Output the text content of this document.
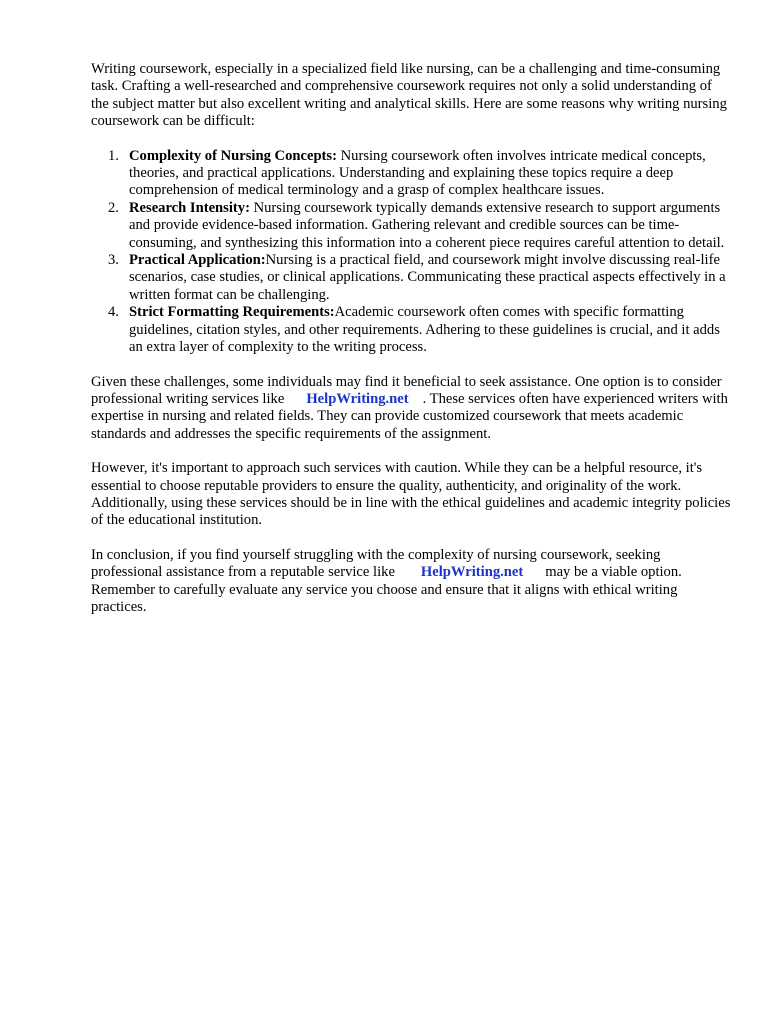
Writing coursework, especially in a specialized field like nursing, can be a challenging and time-consuming task. Crafting a well-researched and comprehensive coursework requires not only a solid understanding of the subject matter but also excellent writing and analytical skills. Here are some reasons why writing nursing coursework can be difficult:

1. Complexity of Nursing Concepts: Nursing coursework often involves intricate medical concepts, theories, and practical applications. Understanding and explaining these topics require a deep comprehension of medical terminology and a grasp of complex healthcare issues.
2. Research Intensity: Nursing coursework typically demands extensive research to support arguments and provide evidence-based information. Gathering relevant and credible sources can be time-consuming, and synthesizing this information into a coherent piece requires careful attention to detail.
3. Practical Application:Nursing is a practical field, and coursework might involve discussing real-life scenarios, case studies, or clinical applications. Communicating these practical aspects effectively in a written format can be challenging.
4. Strict Formatting Requirements:Academic coursework often comes with specific formatting guidelines, citation styles, and other requirements. Adhering to these guidelines is crucial, and it adds an extra layer of complexity to the writing process.

Given these challenges, some individuals may find it beneficial to seek assistance. One option is to consider professional writing services like HelpWriting.net . These services often have experienced writers with expertise in nursing and related fields. They can provide customized coursework that meets academic standards and addresses the specific requirements of the assignment.

However, it's important to approach such services with caution. While they can be a helpful resource, it's essential to choose reputable providers to ensure the quality, authenticity, and originality of the work. Additionally, using these services should be in line with the ethical guidelines and academic integrity policies of the educational institution.

In conclusion, if you find yourself struggling with the complexity of nursing coursework, seeking professional assistance from a reputable service like HelpWriting.net may be a viable option. Remember to carefully evaluate any service you choose and ensure that it aligns with ethical writing practices.
